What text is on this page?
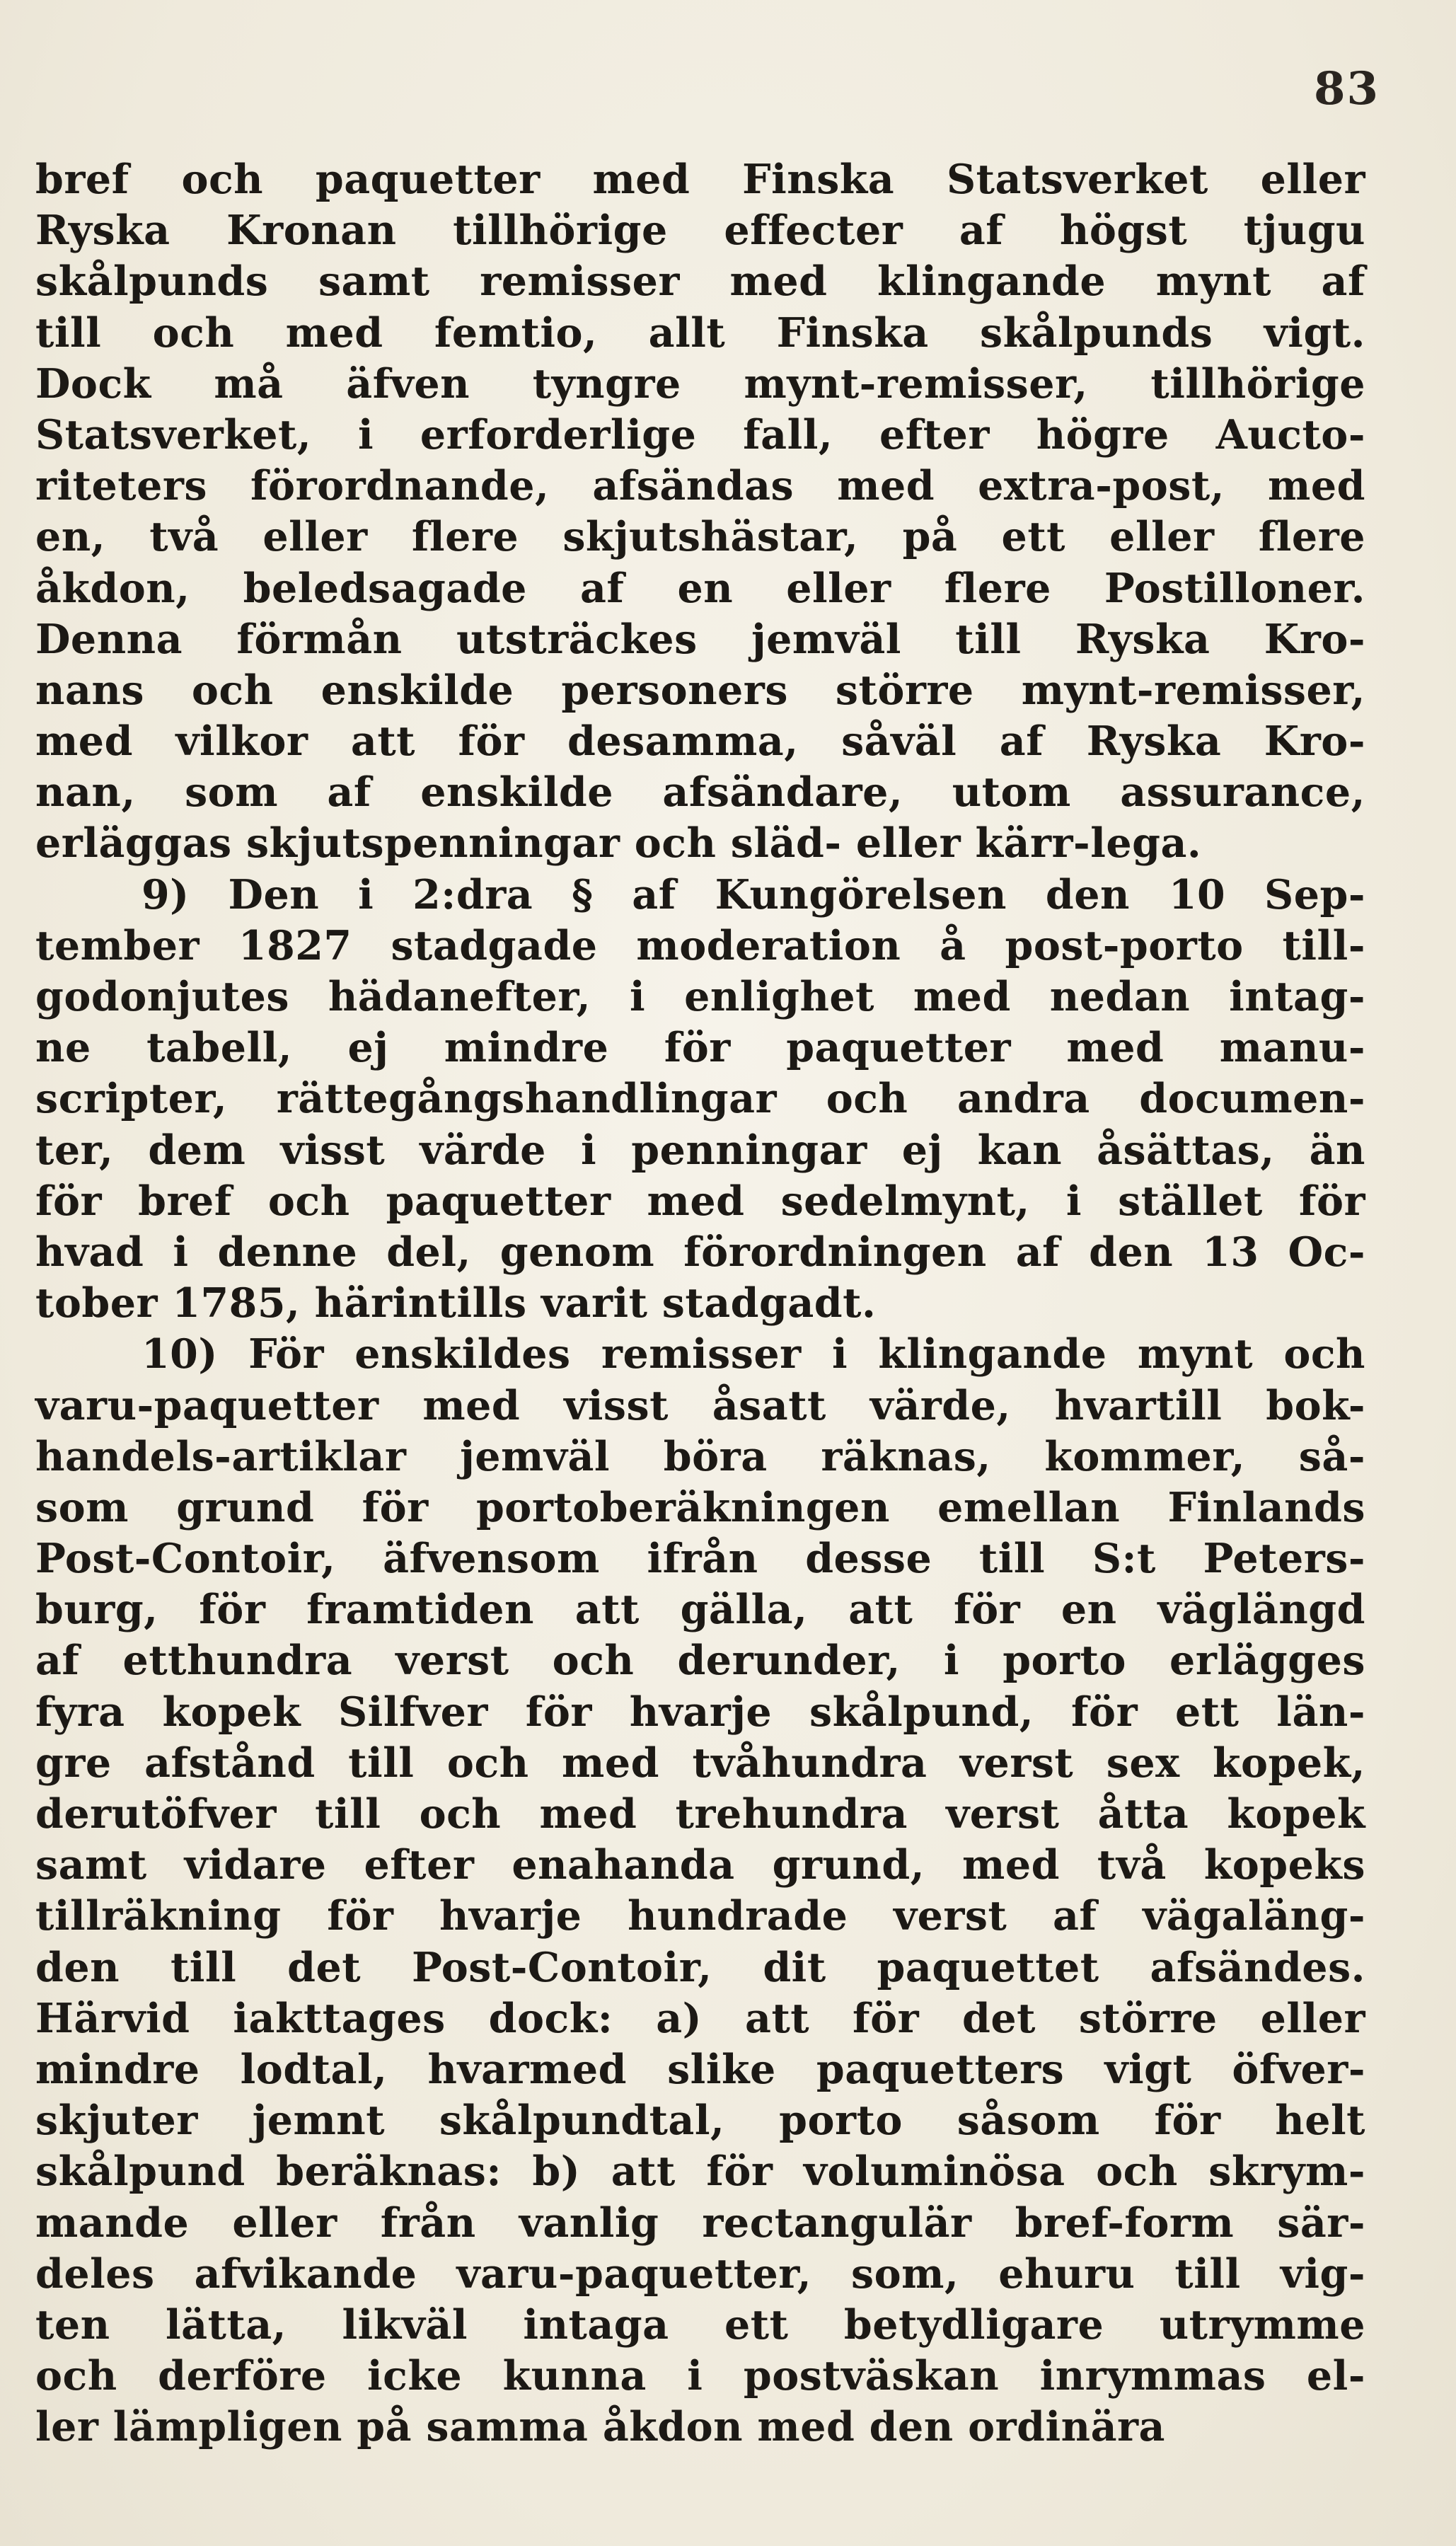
83
bref och paquetter med Finska Statsverket eller
Ryska Kronan tillhörige effecter af högst tjugu
skålpunds samt remisser med klingande mynt af
till och med femtio, allt Finska skålpunds vigt.
Dock må äfven tyngre mynt-remisser, tillhörige
Statsverket, i erforderlige fall, efter högre Aucto-
riteters förordnande, afsändas med extra-post, med
en, två eller flere skjutshästar, på ett eller flere
åkdon, beledsagade af en eller flere Postilloner.
Denna förmån utsträckes jemväl till Ryska Kro-
nans och enskilde personers större mynt-remisser,
med vilkor att för desamma, såväl af Ryska Kro-
nan, som af enskilde afsändare, utom assurance,
erläggas skjutspenningar och släd- eller kärr-lega.
9) Den i 2:dra § af Kungörelsen den 10 Sep-
tember 1827 stadgade moderation å post-porto till-
godonjutes hädanefter, i enlighet med nedan intag-
ne tabell, ej mindre för paquetter med manu-
scripter, rättegångshandlingar och andra documen-
ter, dem visst värde i penningar ej kan åsättas, än
för bref och paquetter med sedelmynt, i stället för
hvad i denne del, genom förordningen af den 13 Oc-
tober 1785, härintills varit stadgadt.
10) För enskildes remisser i klingande mynt och
varu-paquetter med visst åsatt värde, hvartill bok-
handels-artiklar jemväl böra räknas, kommer, så-
som grund för portoberäkningen emellan Finlands
Post-Contoir, äfvensom ifrån desse till S:t Peters-
burg, för framtiden att gälla, att för en väglängd
af etthundra verst och derunder, i porto erlägges
fyra kopek Silfver för hvarje skålpund, för ett län-
gre afstånd till och med tvåhundra verst sex kopek,
derutöfver till och med trehundra verst åtta kopek
samt vidare efter enahanda grund, med två kopeks
tillräkning för hvarje hundrade verst af vägaläng-
den till det Post-Contoir, dit paquettet afsändes.
Härvid iakttages dock: a) att för det större eller
mindre lodtal, hvarmed slike paquetters vigt öfver-
skjuter jemnt skålpundtal, porto såsom för helt
skålpund beräknas: b) att för voluminösa och skrym-
mande eller från vanlig rectangulär bref-form sär-
deles afvikande varu-paquetter, som, ehuru till vig-
ten lätta, likväl intaga ett betydligare utrymme
och derföre icke kunna i postväskan inrymmas el-
ler lämpligen på samma åkdon med den ordinära
